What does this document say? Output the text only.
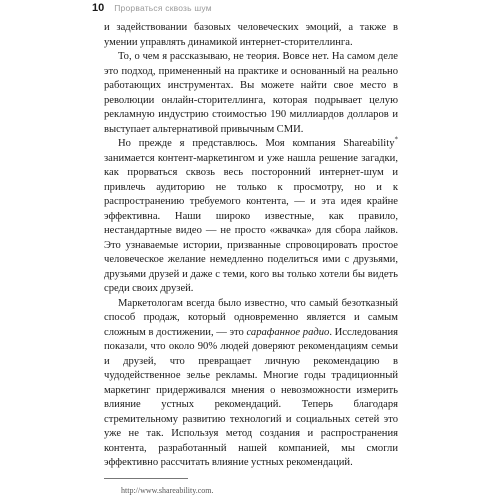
10 Прорваться сквозь шум

и задействовании базовых человеческих эмоций, а также в умении управлять динамикой интернет-сторителлинга.

То, о чем я рассказываю, не теория. Вовсе нет. На самом деле это подход, примененный на практике и основанный на реально работающих инструментах. Вы можете найти свое место в революции онлайн-сторителлинга, которая подрывает целую рекламную индустрию стоимостью 190 миллиардов долларов и выступает альтернативой привычным СМИ.

Но прежде я представлюсь. Моя компания Shareability* занимается контент-маркетингом и уже нашла решение загадки, как прорваться сквозь весь посторонний интернет-шум и привлечь аудиторию не только к просмотру, но и к распространению требуемого контента, — и эта идея крайне эффективна. Наши широко известные, как правило, нестандартные видео — не просто «жвачка» для сбора лайков. Это узнаваемые истории, призванные спровоцировать простое человеческое желание немедленно поделиться ими с друзьями, друзьями друзей и даже с теми, кого вы только хотели бы видеть среди своих друзей.

Маркетологам всегда было известно, что самый безотказный способ продаж, который одновременно является и самым сложным в достижении, — это сарафанное радио. Исследования показали, что около 90% людей доверяют рекомендациям семьи и друзей, что превращает личную рекомендацию в чудодейственное зелье рекламы. Многие годы традиционный маркетинг придерживался мнения о невозможности измерить влияние устных рекомендаций. Теперь благодаря стремительному развитию технологий и социальных сетей это уже не так. Используя метод создания и распространения контента, разработанный нашей компанией, мы смогли эффективно рассчитать влияние устных рекомендаций.

http://www.shareability.com.
